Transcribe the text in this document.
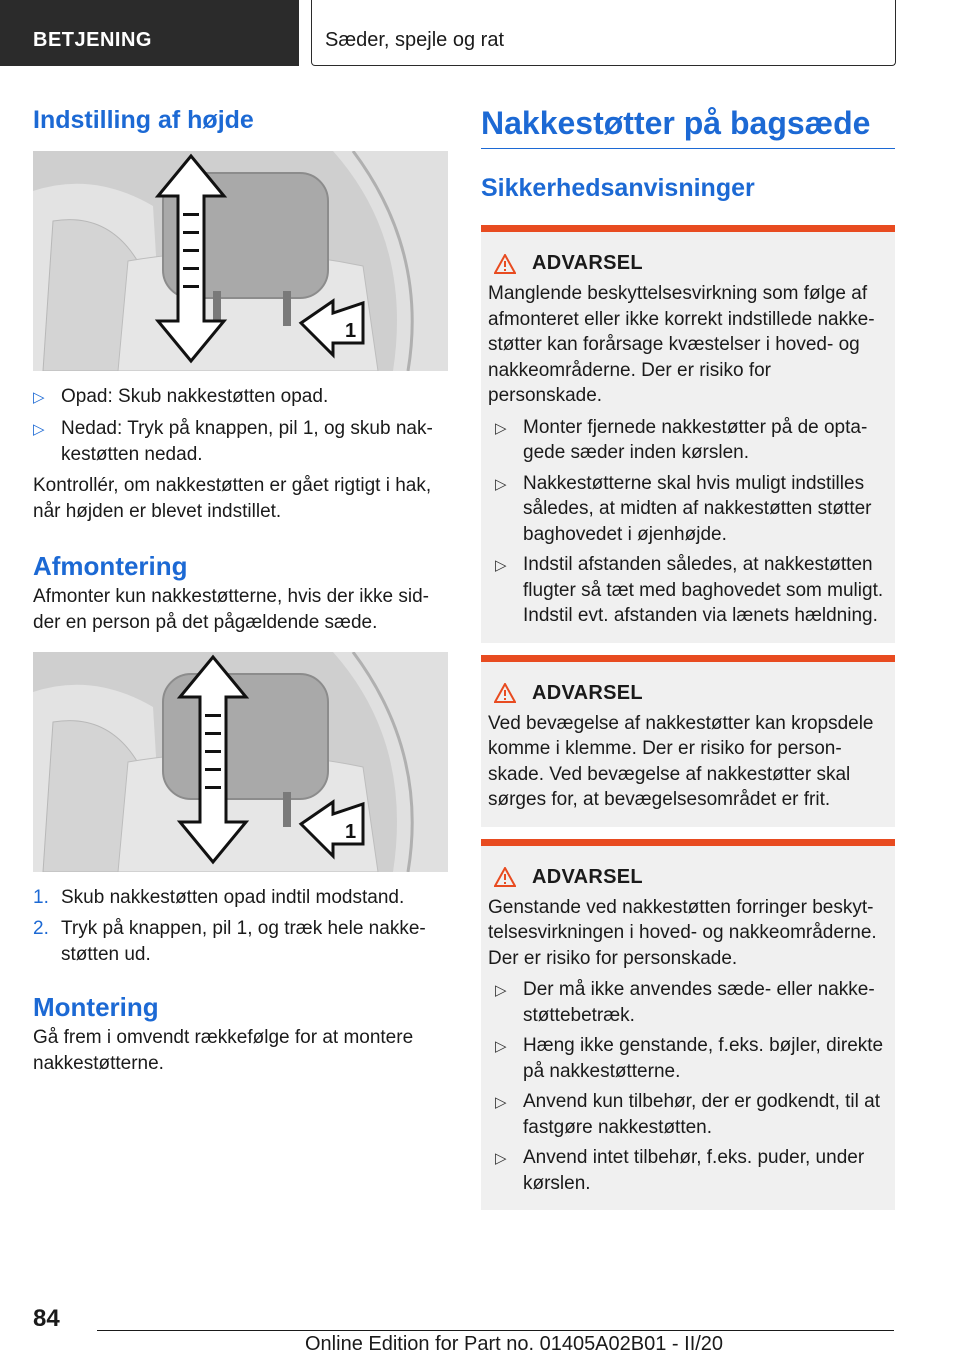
BETJENING	Sæder, spejle og rat
Indstilling af højde
1
▷ Opad: Skub nakkestøtten opad.
▷ Nedad: Tryk på knappen, pil 1, og skub nakkestøtten nedad.

Kontrollér, om nakkestøtten er gået rigtigt i hak, når højden er blevet indstillet.

Afmontering

Afmonter kun nakkestøtterne, hvis der ikke sidder en person på det pågældende sæde.

1
1. Skub nakkestøtten opad indtil modstand.
2. Tryk på knappen, pil 1, og træk hele nakkestøtten ud.
Montering

Gå frem i omvendt rækkefølge for at montere nakkestøtterne.

Nakkestøtter på bagsæde
Sikkerhedsanvisninger
ADVARSEL

Manglende beskyttelsesvirkning som følge af afmonteret eller ikke korrekt indstillede nakkestøtter kan forårsage kvæstelser i hoved- og nakkeområderne. Der er risiko for personskade.

▷ Monter fjernede nakkestøtter på de optagede sæder inden kørslen.
▷ Nakkestøtterne skal hvis muligt indstilles således, at midten af nakkestøtten støtter baghovedet i øjenhøjde.
▷ Indstil afstanden således, at nakkestøtten flugter så tæt med baghovedet som muligt. Indstil evt. afstanden via lænets hældning.
ADVARSEL

Ved bevægelse af nakkestøtter kan kropsdele komme i klemme. Der er risiko for personskade. Ved bevægelse af nakkestøtter skal sørges for, at bevægelsesområdet er frit.

ADVARSEL

Genstande ved nakkestøtten forringer beskyttelsesvirkningen i hoved- og nakkeområderne. Der er risiko for personskade.

▷ Der må ikke anvendes sæde- eller nakkestøttebetræk.
▷ Hæng ikke genstande, f.eks. bøjler, direkte på nakkestøtterne.
▷ Anvend kun tilbehør, der er godkendt, til at fastgøre nakkestøtten.
▷ Anvend intet tilbehør, f.eks. puder, under kørslen.
84
Online Edition for Part no. 01405A02B01 - II/20
